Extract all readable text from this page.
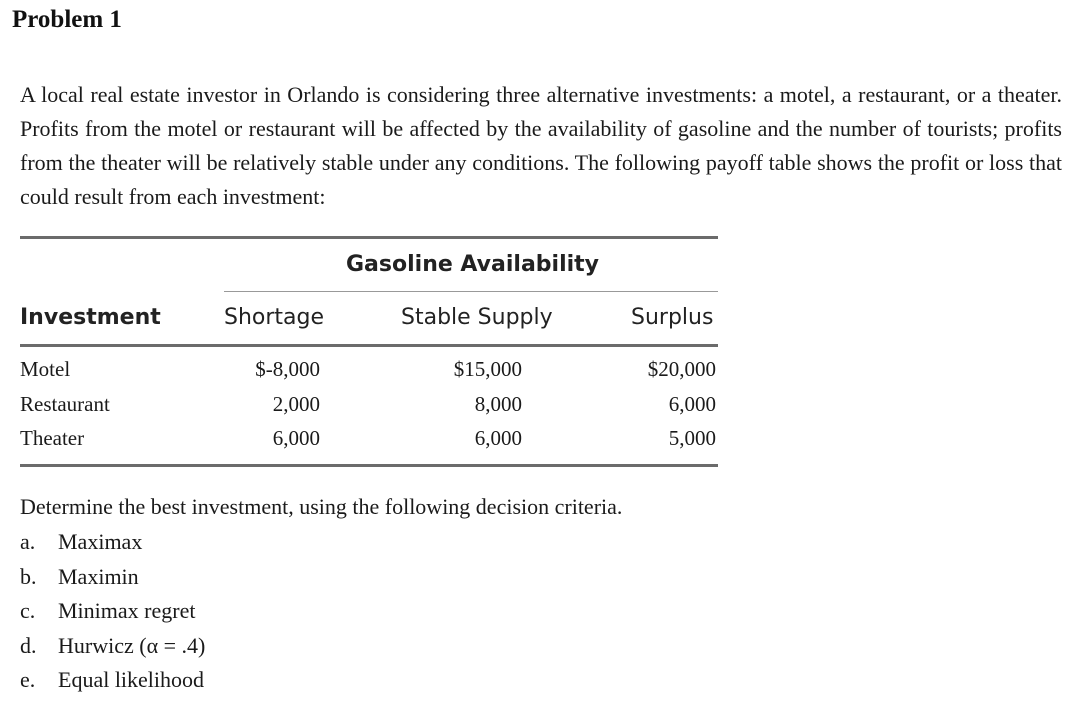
Problem 1

A local real estate investor in Orlando is considering three alternative investments: a motel, a restaurant, or a theater. Profits from the motel or restaurant will be affected by the availability of gasoline and the number of tourists; profits from the theater will be relatively stable under any conditions. The following payoff table shows the profit or loss that could result from each investment:

Gasoline Availability
Investment	Shortage	Stable Supply	Surplus
Motel	$-8,000	$15,000	$20,000
Restaurant	2,000	8,000	6,000
Theater	6,000	6,000	5,000
Determine the best investment, using the following decision criteria.
a. Maximax
b. Maximin
c. Minimax regret
d. Hurwicz (α = .4)
e. Equal likelihood
